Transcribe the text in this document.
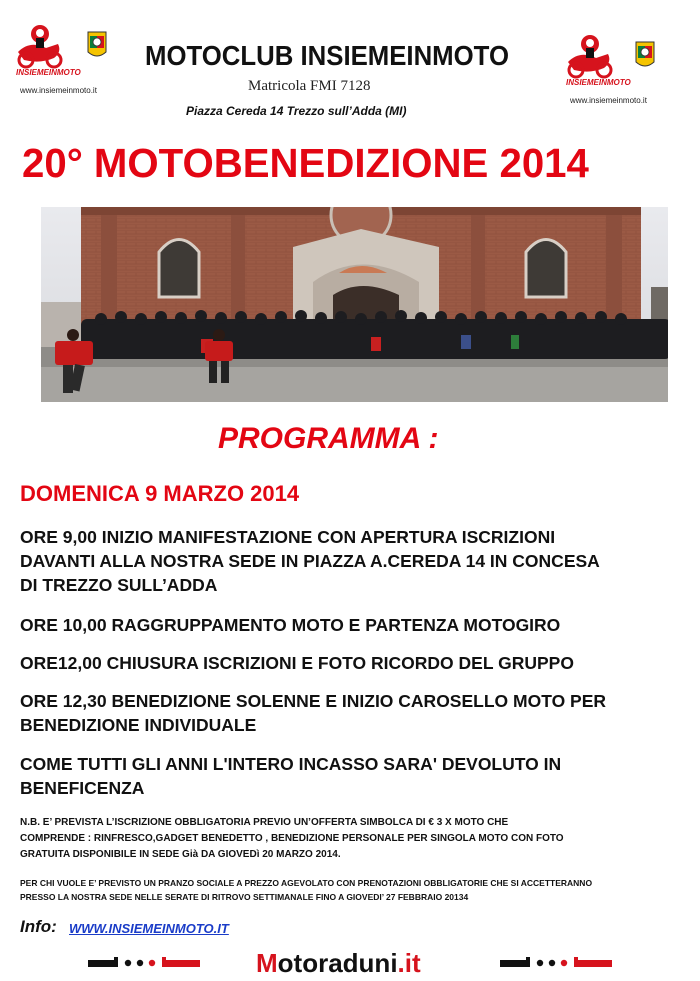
INSIEMEINMOTO
www.insiemeinmoto.it
MOTOCLUB INSIEMEINMOTO
Matricola FMI 7128
Piazza Cereda 14 Trezzo sull’Adda (MI)
INSIEMEINMOTO
www.insiemeinmoto.it
20° MOTOBENEDIZIONE 2014
PROGRAMMA :
DOMENICA 9 MARZO 2014
ORE 9,00 INIZIO MANIFESTAZIONE CON APERTURA ISCRIZIONI
DAVANTI ALLA NOSTRA SEDE IN PIAZZA A.CEREDA 14 IN CONCESA
DI TREZZO SULL’ADDA
ORE 10,00 RAGGRUPPAMENTO MOTO E PARTENZA MOTOGIRO
ORE12,00 CHIUSURA ISCRIZIONI E FOTO RICORDO DEL GRUPPO
ORE 12,30 BENEDIZIONE SOLENNE E INIZIO CAROSELLO MOTO PER
BENEDIZIONE INDIVIDUALE
COME TUTTI GLI ANNI L'INTERO INCASSO SARA' DEVOLUTO IN
BENEFICENZA
N.B. E’ PREVISTA L’ISCRIZIONE OBBLIGATORIA PREVIO UN’OFFERTA SIMBOLCA DI € 3 X MOTO CHE
COMPRENDE : RINFRESCO,GADGET BENEDETTO , BENEDIZIONE PERSONALE PER SINGOLA MOTO CON FOTO
GRATUITA DISPONIBILE IN SEDE Già DA GIOVEDì 20 MARZO 2014.
PER CHI VUOLE E’ PREVISTO UN PRANZO SOCIALE A PREZZO AGEVOLATO CON PRENOTAZIONI OBBLIGATORIE CHE SI ACCETTERANNO
PRESSO LA NOSTRA SEDE NELLE SERATE DI RITROVO SETTIMANALE FINO A GIOVEDI’ 27 FEBBRAIO 20134
Info: WWW.INSIEMEINMOTO.IT
Motoraduni.it
